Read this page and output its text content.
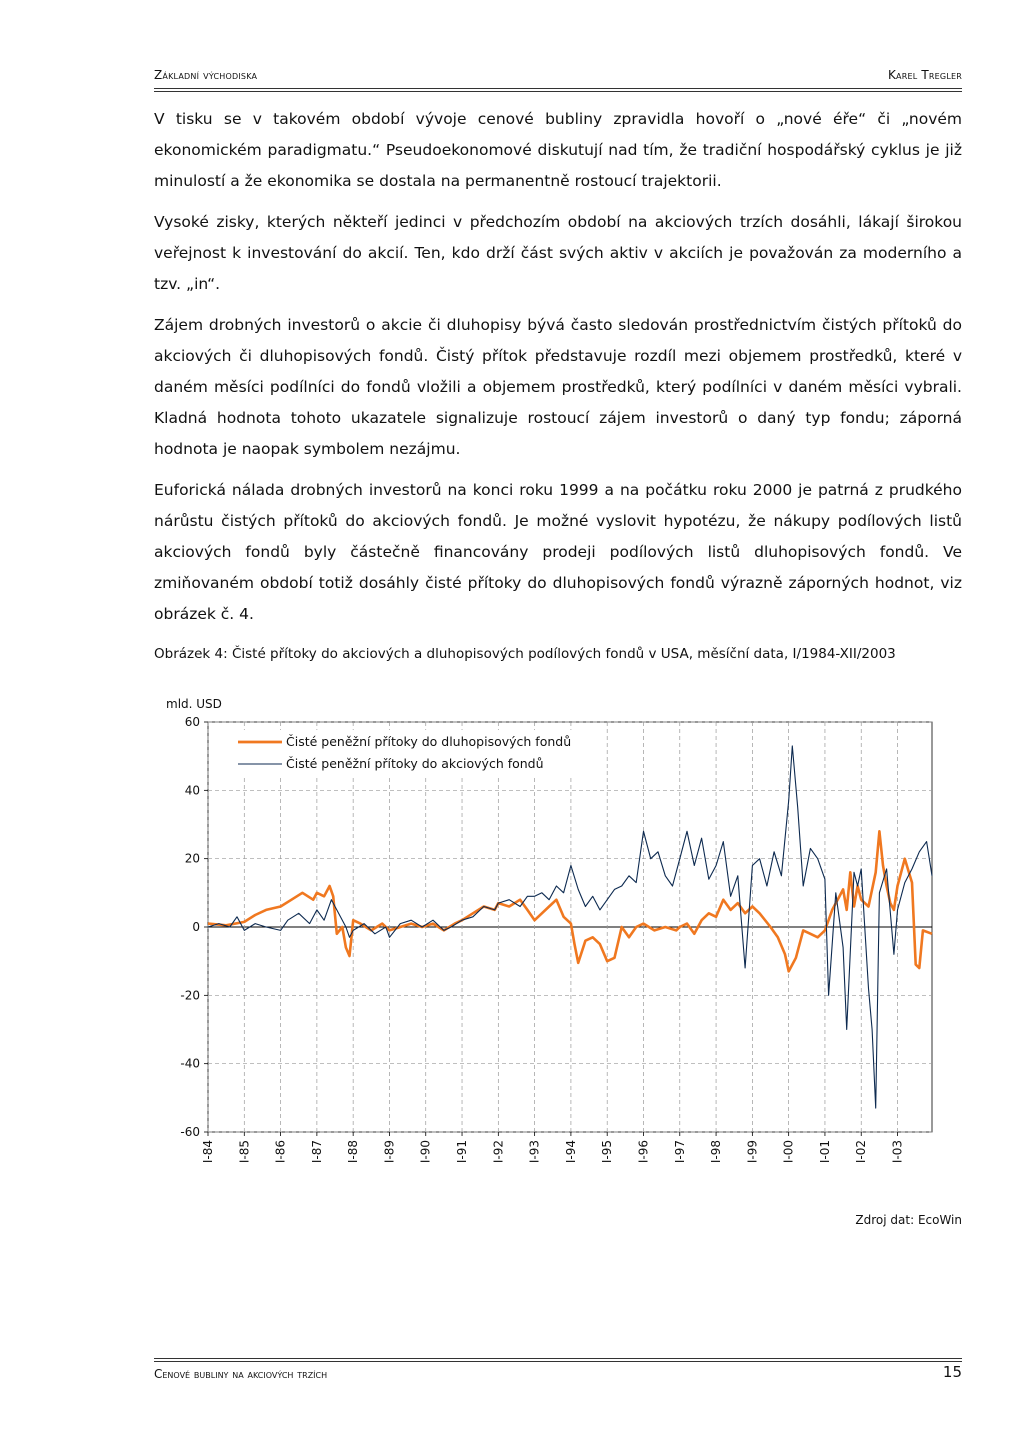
Základní východiska	Karel Tregler

V tisku se v takovém období vývoje cenové bubliny zpravidla hovoří o „nové éře“ či „novém ekonomickém paradigmatu.“ Pseudoekonomové diskutují nad tím, že tradiční hospodářský cyklus je již minulostí a že ekonomika se dostala na permanentně rostoucí trajektorii.

Vysoké zisky, kterých někteří jedinci v předchozím období na akciových trzích dosáhli, lákají širokou veřejnost k investování do akcií. Ten, kdo drží část svých aktiv v akciích je považován za moderního a tzv. „in“.

Zájem drobných investorů o akcie či dluhopisy bývá často sledován prostřednictvím čistých přítoků do akciových či dluhopisových fondů. Čistý přítok představuje rozdíl mezi objemem prostředků, které v daném měsíci podílníci do fondů vložili a objemem prostředků, který podílníci v daném měsíci vybrali. Kladná hodnota tohoto ukazatele signalizuje rostoucí zájem investorů o daný typ fondu; záporná hodnota je naopak symbolem nezájmu.

Euforická nálada drobných investorů na konci roku 1999 a na počátku roku 2000 je patrná z prudkého nárůstu čistých přítoků do akciových fondů. Je možné vyslovit hypotézu, že nákupy podílových listů akciových fondů byly částečně financovány prodeji podílových listů dluhopisových fondů. Ve zmiňovaném období totiž dosáhly čisté přítoky do dluhopisových fondů výrazně záporných hodnot, viz obrázek č. 4.

Obrázek 4: Čisté přítoky do akciových a dluhopisových podílových fondů v USA, měsíční data, I/1984-XII/2003
60
40
20
0
-20
-40
-60
I-84 I-85 I-86 I-87 I-88 I-89 I-90 I-91 I-92 I-93 I-94 I-95 I-96 I-97 I-98 I-99 I-00 I-01 I-02 I-03
mld. USD
Čisté peněžní přítoky do dluhopisových fondů
Čisté peněžní přítoky do akciových fondů
Zdroj dat: EcoWin
Cenové bubliny na akciových trzích	15
